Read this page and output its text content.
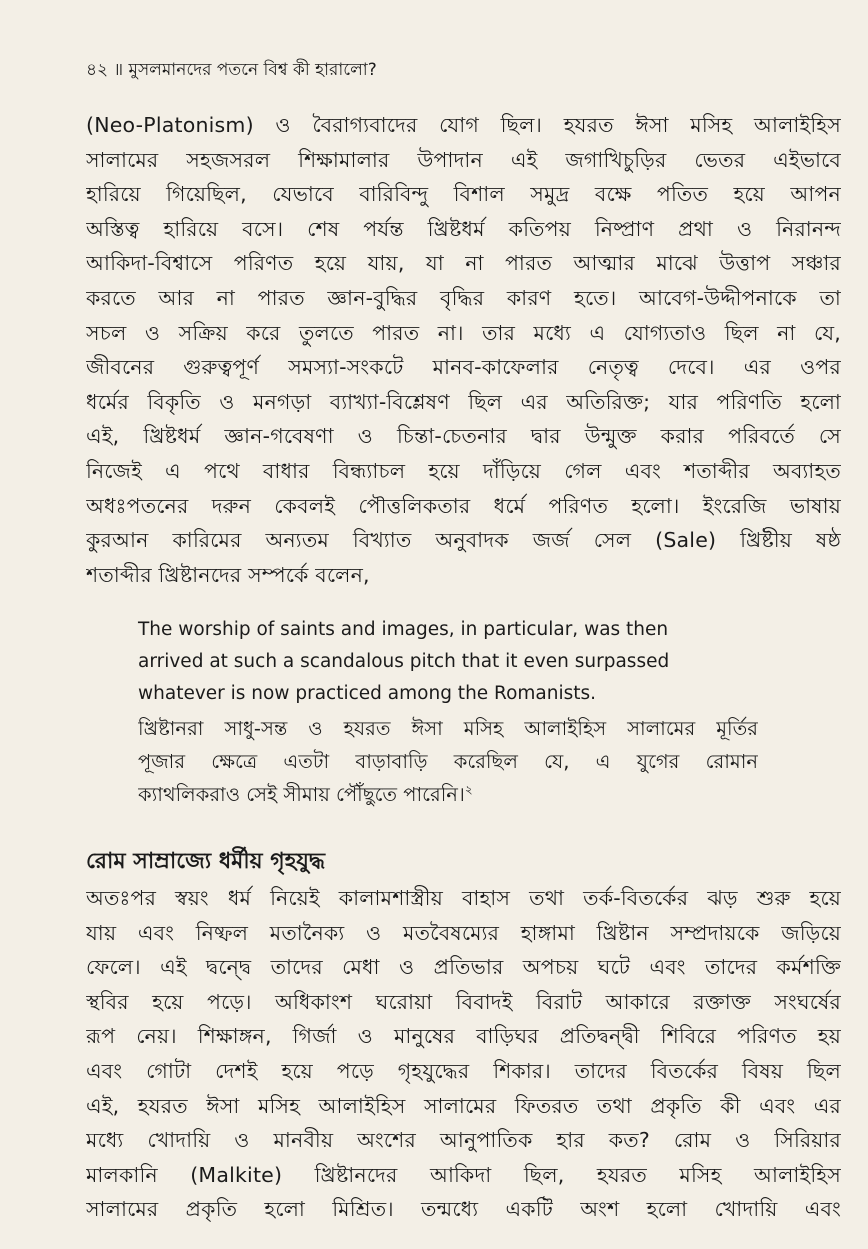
৪২ ॥ মুসলমানদের পতনে বিশ্ব কী হারালো?
(Neo-Platonism) ও বৈরাগ্যবাদের যোগ ছিল। হযরত ঈসা মসিহ আলাইহিস
সালামের সহজসরল শিক্ষামালার উপাদান এই জগাখিচুড়ির ভেতর এইভাবে
হারিয়ে গিয়েছিল, যেভাবে বারিবিন্দু বিশাল সমুদ্র বক্ষে পতিত হয়ে আপন
অস্তিত্ব হারিয়ে বসে। শেষ পর্যন্ত খ্রিষ্টধর্ম কতিপয় নিষ্প্রাণ প্রথা ও নিরানন্দ
আকিদা-বিশ্বাসে পরিণত হয়ে যায়, যা না পারত আত্মার মাঝে উত্তাপ সঞ্চার
করতে আর না পারত জ্ঞান-বুদ্ধির বৃদ্ধির কারণ হতে। আবেগ-উদ্দীপনাকে তা
সচল ও সক্রিয় করে তুলতে পারত না। তার মধ্যে এ যোগ্যতাও ছিল না যে,
জীবনের গুরুত্বপূর্ণ সমস্যা-সংকটে মানব-কাফেলার নেতৃত্ব দেবে। এর ওপর
ধর্মের বিকৃতি ও মনগড়া ব্যাখ্যা-বিশ্লেষণ ছিল এর অতিরিক্ত; যার পরিণতি হলো
এই, খ্রিষ্টধর্ম জ্ঞান-গবেষণা ও চিন্তা-চেতনার দ্বার উন্মুক্ত করার পরিবর্তে সে
নিজেই এ পথে বাধার বিন্ধ্যাচল হয়ে দাঁড়িয়ে গেল এবং শতাব্দীর অব্যাহত
অধঃপতনের দরুন কেবলই পৌত্তলিকতার ধর্মে পরিণত হলো। ইংরেজি ভাষায়
কুরআন কারিমের অন্যতম বিখ্যাত অনুবাদক জর্জ সেল (Sale) খ্রিষ্টীয় ষষ্ঠ
শতাব্দীর খ্রিষ্টানদের সম্পর্কে বলেন,
The worship of saints and images, in particular, was then
arrived at such a scandalous pitch that it even surpassed
whatever is now practiced among the Romanists.
খ্রিষ্টানরা সাধু-সন্ত ও হযরত ঈসা মসিহ আলাইহিস সালামের মূর্তির
পূজার ক্ষেত্রে এতটা বাড়াবাড়ি করেছিল যে, এ যুগের রোমান
ক্যাথলিকরাও সেই সীমায় পৌঁছুতে পারেনি।$^২$
রোম সাম্রাজ্যে ধর্মীয় গৃহযুদ্ধ
অতঃপর স্বয়ং ধর্ম নিয়েই কালামশাস্ত্রীয় বাহাস তথা তর্ক-বিতর্কের ঝড় শুরু হয়ে
যায় এবং নিষ্ফল মতানৈক্য ও মতবৈষম্যের হাঙ্গামা খ্রিষ্টান সম্প্রদায়কে জড়িয়ে
ফেলে। এই দ্বন্দ্বে তাদের মেধা ও প্রতিভার অপচয় ঘটে এবং তাদের কর্মশক্তি
স্থবির হয়ে পড়ে। অধিকাংশ ঘরোয়া বিবাদই বিরাট আকারে রক্তাক্ত সংঘর্ষের
রূপ নেয়। শিক্ষাঙ্গন, গির্জা ও মানুষের বাড়িঘর প্রতিদ্বন্দ্বী শিবিরে পরিণত হয়
এবং গোটা দেশই হয়ে পড়ে গৃহযুদ্ধের শিকার। তাদের বিতর্কের বিষয় ছিল
এই, হযরত ঈসা মসিহ আলাইহিস সালামের ফিতরত তথা প্রকৃতি কী এবং এর
মধ্যে খোদায়ি ও মানবীয় অংশের আনুপাতিক হার কত? রোম ও সিরিয়ার
মালকানি (Malkite) খ্রিষ্টানদের আকিদা ছিল, হযরত মসিহ আলাইহিস
সালামের প্রকৃতি হলো মিশ্রিত। তন্মধ্যে একটি অংশ হলো খোদায়ি এবং
